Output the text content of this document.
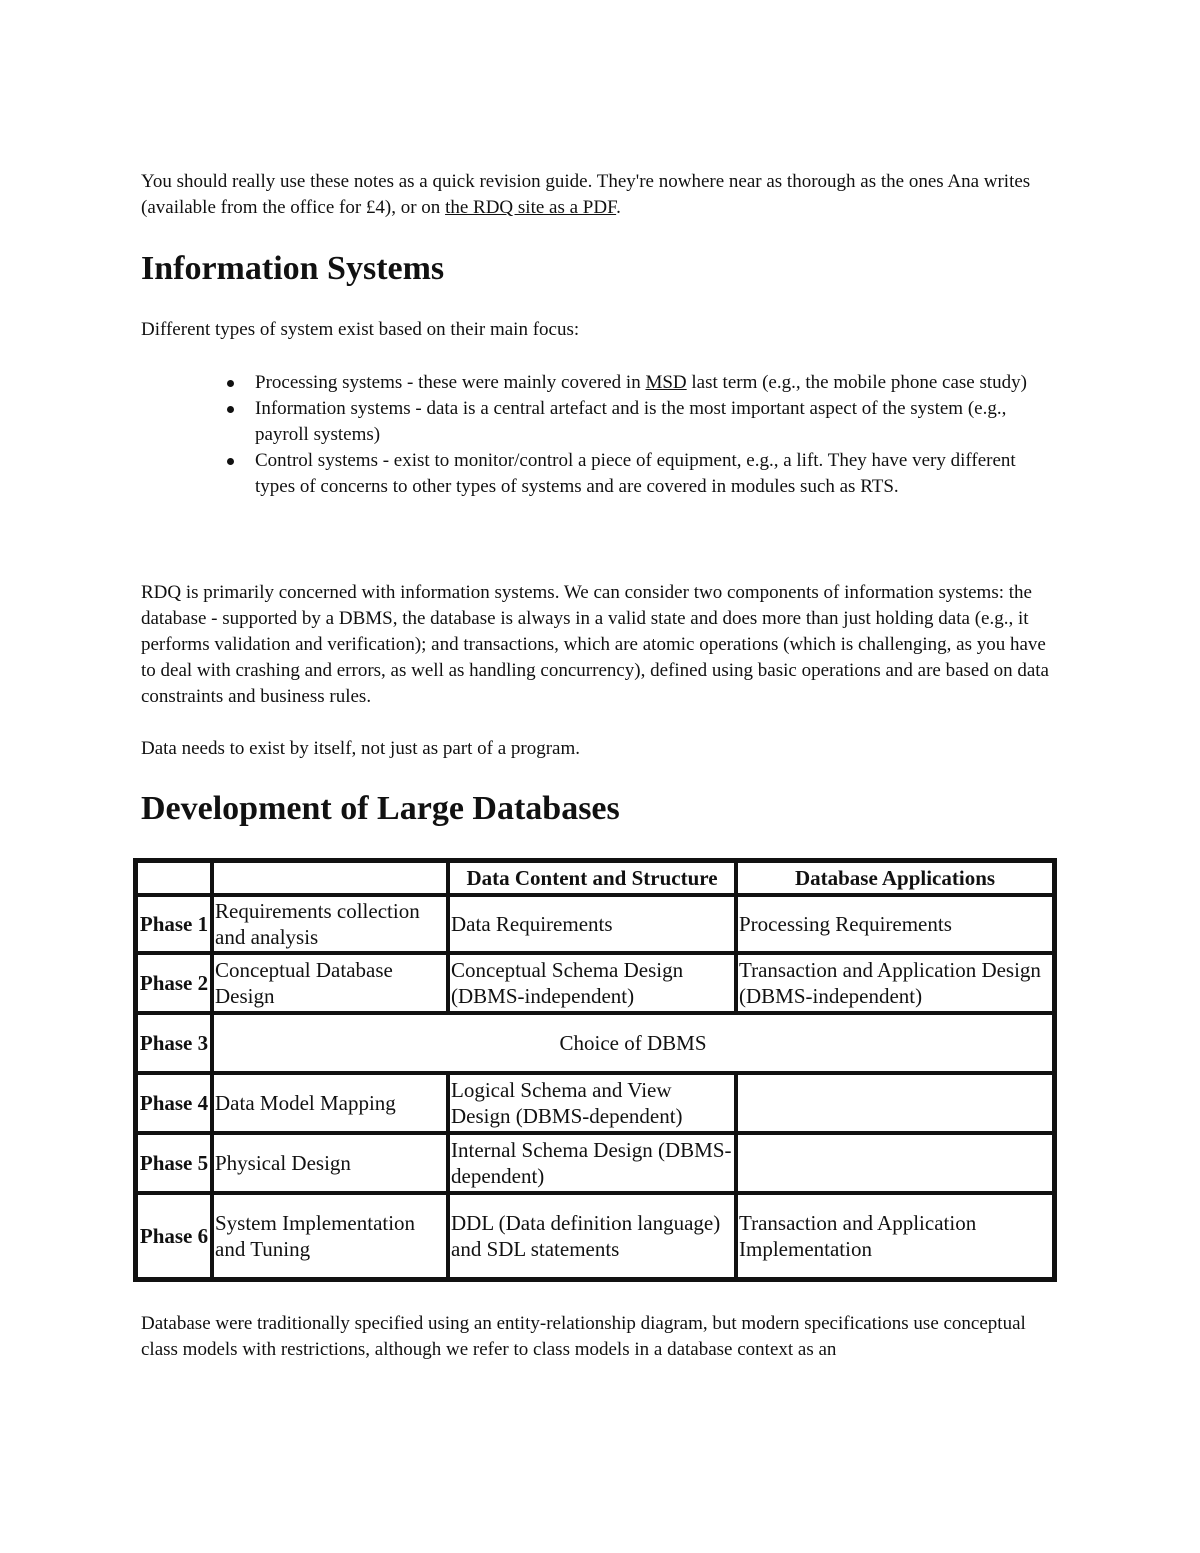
You should really use these notes as a quick revision guide. They're nowhere near as thorough as the ones Ana writes (available from the office for £4), or on the RDQ site as a PDF.

Information Systems

Different types of system exist based on their main focus:

Processing systems - these were mainly covered in MSD last term (e.g., the mobile phone case study)
Information systems - data is a central artefact and is the most important aspect of the system (e.g., payroll systems)
Control systems - exist to monitor/control a piece of equipment, e.g., a lift. They have very different types of concerns to other types of systems and are covered in modules such as RTS.

RDQ is primarily concerned with information systems. We can consider two components of information systems: the database - supported by a DBMS, the database is always in a valid state and does more than just holding data (e.g., it performs validation and verification); and transactions, which are atomic operations (which is challenging, as you have to deal with crashing and errors, as well as handling concurrency), defined using basic operations and are based on data constraints and business rules.

Data needs to exist by itself, not just as part of a program.

Development of Large Databases
		Data Content and Structure	Database Applications
Phase 1	Requirements collection and analysis	Data Requirements	Processing Requirements
Phase 2	Conceptual Database Design	Conceptual Schema Design (DBMS-independent)	Transaction and Application Design (DBMS-independent)
Phase 3	Choice of DBMS		
Phase 4	Data Model Mapping	Logical Schema and View Design (DBMS-dependent)	
Phase 5	Physical Design	Internal Schema Design (DBMS-dependent)	
Phase 6	System Implementation and Tuning	DDL (Data definition language) and SDL statements	Transaction and Application Implementation

Database were traditionally specified using an entity-relationship diagram, but modern specifications use conceptual class models with restrictions, although we refer to class models in a database context as an
